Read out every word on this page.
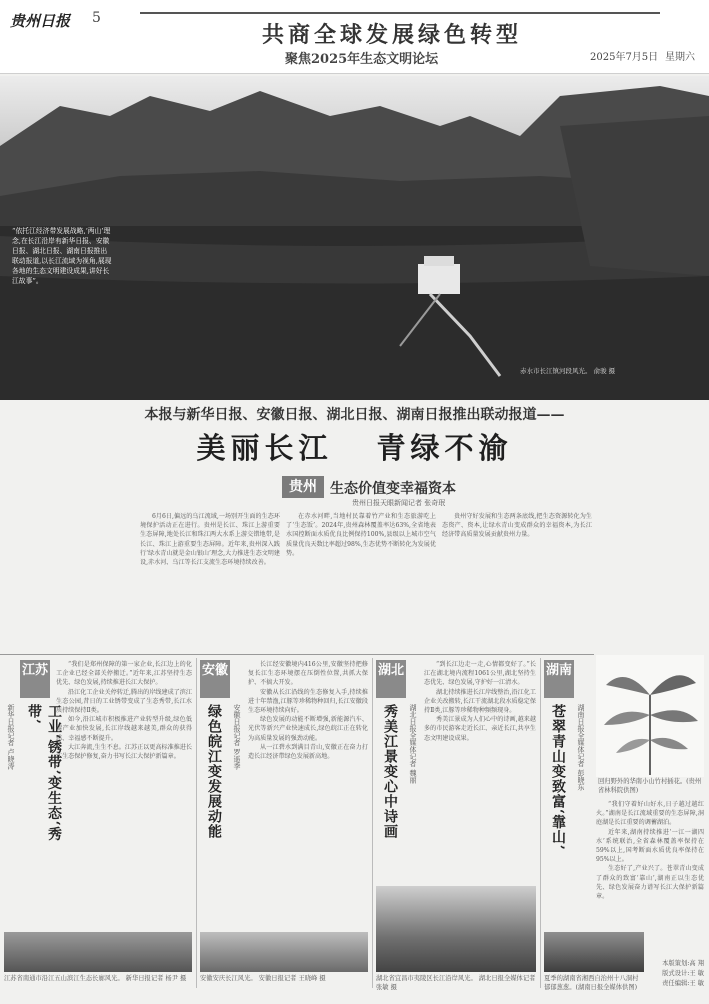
贵州日报 5
共商全球发展绿色转型
聚焦2025年生态文明论坛	2025年7月5日 星期六
“依托江经济带发展战略,‘两山’理念,在长江沿岸有新华日报、安徽日报、湖北日报、湖南日报推出联动报道,以长江流域为视角,展现各地的生态文明建设成果,讲好长江故事”。
赤水市长江镇河段风光。 俞骏 摄
本报与新华日报、安徽日报、湖北日报、湖南日报推出联动报道——
美丽长江 青绿不渝
贵州 生态价值变幸福资本
贵州日报天眼新闻记者 张奇珉

6月6日,偏远的乌江流域,一场别开生面的生态环境保护活动正在进行。贵州是长江、珠江上游重要生态屏障,地处长江和珠江两大水系上游交错地带,是长江、珠江上游重要生态屏障。近年来,贵州深入践行‘绿水青山就是金山银山’理念,大力推进生态文明建设,赤水河、乌江等长江支流生态环境持续改善。

在赤水河畔,当地村民靠着竹产业和生态旅游吃上了‘生态饭’。2024年,贵州森林覆盖率达63%,全省地表水国控断面水质优良比例保持100%,县级以上城市空气质量优良天数比率超过98%,生态优势不断转化为发展优势。

贵州守好发展和生态两条底线,把生态资源转化为生态资产、资本,让绿水青山变成群众的幸福资本,为长江经济带高质量发展贡献贵州力量。

回归野外的华南小山竹村插花。(贵州省林科院供图)
江苏
工业‘锈带’变生态‘秀带’
新华日报记者 卢晓涛

“我们是郑州保障的第一家企业,长江边上的化工企业已经全部关停搬迁。”近年来,江苏坚持生态优先、绿色发展,持续推进长江大保护。

沿江化工企业关停转迁,腾出的岸线建成了滨江生态公园,昔日的工业锈带变成了生态秀带,长江水质持续保持Ⅱ类。

如今,沿江城市积极推进产业转型升级,绿色低碳产业加快发展,长江岸线越来越美,群众的获得感、幸福感不断提升。

大江奔流,生生不息。江苏正以更高标准推进长江生态保护修复,奋力书写长江大保护新篇章。

江苏省南通市沿江五山滨江生态长廊风光。 新华日报记者 杨尹 摄
安徽
绿色皖江变发展动能 安徽日报记者 罗遥季

长江经安徽境内416公里,安徽坚持把修复长江生态环境摆在压倒性位置,共抓大保护、不搞大开发。

安徽从长江沿线的生态修复入手,持续推进十年禁渔,江豚等珍稀物种回归,长江安徽段生态环境持续向好。

绿色发展的动能不断增强,新能源汽车、光伏等新兴产业快速成长,绿色皖江正在转化为高质量发展的强劲动能。

从一江碧水到满目青山,安徽正在奋力打造长江经济带绿色发展新高地。

安徽安庆长江风光。 安徽日报记者 王晓峰 摄
湖北
秀美江景变心中诗画 湖北日报全媒体记者 魏丽

“到长江边走一走,心情都变好了。”长江在湖北境内流程1061公里,湖北坚持生态优先、绿色发展,守护好一江清水。

湖北持续推进长江岸线整治,沿江化工企业关改搬转,长江干流湖北段水质稳定保持Ⅱ类,江豚等珍稀物种频频现身。

秀美江景成为人们心中的诗画,越来越多的市民游客走近长江、亲近长江,共享生态文明建设成果。

湖北省宜昌市夷陵区长江沿岸风光。 湖北日报全媒体记者 张敏 摄
湖南
苍翠青山变致富‘靠山’ 湖南日报全媒体记者 彭晓东

“我们守着好山好水,日子越过越红火。”湖南是长江流域重要的生态屏障,洞庭湖是长江重要的调蓄湖泊。

近年来,湖南持续推进‘一江一湖四水’系统联治,全省森林覆盖率保持在59%以上,国考断面水质优良率保持在95%以上。

生态好了,产业兴了。苍翠青山变成了群众的致富‘靠山’,湖南正以生态优先、绿色发展奋力谱写长江大保护新篇章。

夏季的湖南省湘西自治州十八洞村郁郁葱葱。(湖南日报全媒体供图)
本版策划:高 翔
版式设计:王 敏
责任编辑:王 敏
